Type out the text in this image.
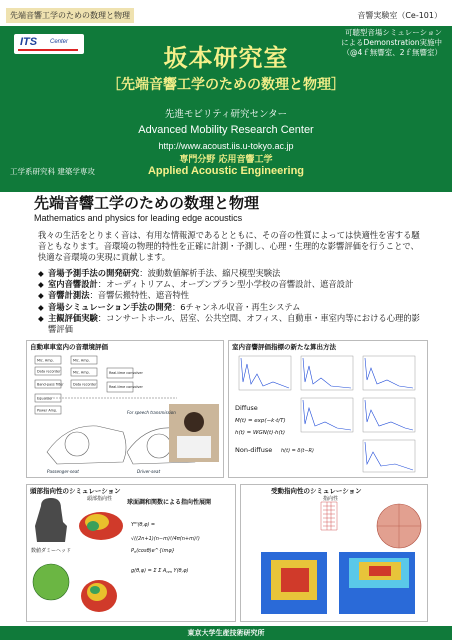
先端音響工学のための数理と物理	音響実験室（Ce-101）
ITS Center
坂本研究室
［先端音響工学のための数理と物理］
可聴型音場シミュレーション
によるDemonstration実施中
（@4ｆ無響室、2ｆ無響室）
先進モビリティ研究センター
Advanced Mobility Research Center
http://www.acoust.iis.u-tokyo.ac.jp
専門分野 応用音響工学
Applied Acoustic Engineering
工学系研究科 建築学専攻
先端音響工学のための数理と物理
Mathematics and physics for leading edge acoustics
我々の生活をとりまく音は、有用な情報源であるとともに、その音の性質によっては快適性を害する騒音ともなります。音環境の物理的特性を正確に計測・予測し、心理・生理的な影響評価を行うことで、快適な音環境の実現に貢献します。
◆ 音場予測手法の開発研究：波動数値解析手法、縮尺模型実験法
◆ 室内音響設計：オーディトリアム、オープンプラン型小学校の音響設計、遮音設計
◆ 音響計測法：音響伝搬特性、遮音特性
◆ 音場シミュレーション手法の開発：6チャンネル収音・再生システム
◆ 主観評価実験：コンサートホール、居室、公共空間、オフィス、自動車・車室内等における心理的影響評価
自動車車室内の音環境評価
Mic. Amp.
Data recorder
Mic. Amp.
Mic. Amp.
Data recorder
Band-pass filter
Real-time convolver
Real-time convolver
Equalizer
Power Amp.	For speech transmission
Passenger-seat	Driver-seat
室内音響評価指標の新たな算出方法
Diffuse
M(t) = exp(−k·t/T)
h(t) = WGN(t)·h(t)
Non-diffuse h(t) = δ(t−R)
頭部指向性のシミュレーション
頭部指向性 球面調和関数による指向性展開
数値ダミーヘッド
$Y^m(\theta,\varphi)$ =
√((2n+1)(n−m)!/4π(n+m)!)
$P_n(\cos\theta)e\^{}\{im\varphi\}$
g(θ,φ) = Σ Σ $A_{nm}$ Y(θ,φ)
受動指向性のシミュレーション
指向性
東京大学生産技術研究所
